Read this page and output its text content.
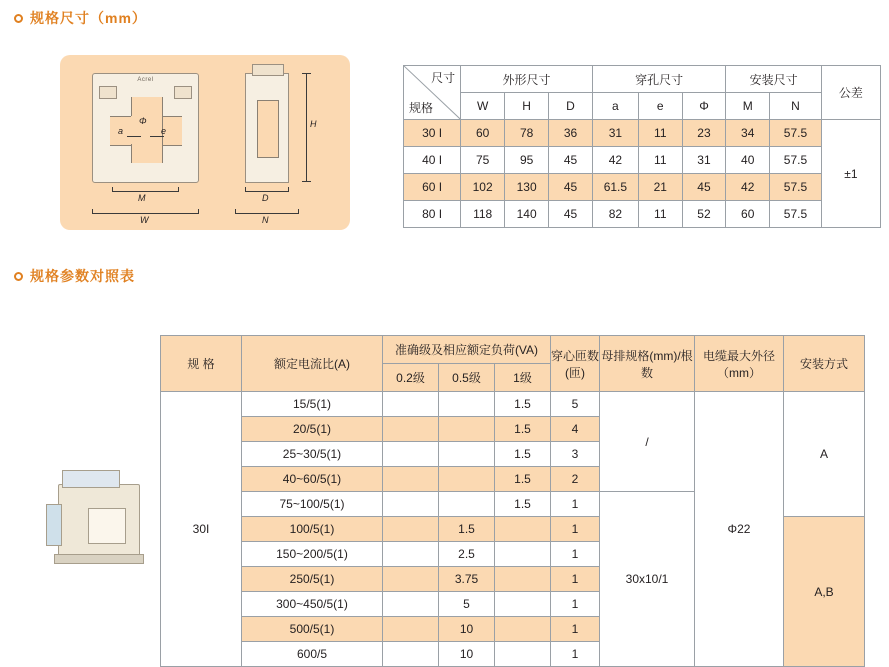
规格尺寸（mm）
Acrel
a
Φ
e
M
W
H
D
N
尺寸
规格	外形尺寸			穿孔尺寸			安装尺寸		公差
	W	H	D	a	e	Φ	M	N	
30 I	60	78	36	31	11	23	34	57.5	±1
40 I	75	95	45	42	11	31	40	57.5	
60 I	102	130	45	61.5	21	45	42	57.5	
80 I	118	140	45	82	11	52	60	57.5	
规格参数对照表
规 格	额定电流比(A)	准确级及相应额定负荷(VA)			穿心匝数(匝)	母排规格(mm)/根数	电缆最大外径（mm）	安装方式
		0.2级	0.5级	1级				
30I	15/5(1)			1.5	5	/	Φ22	A
	20/5(1)			1.5	4			
	25~30/5(1)			1.5	3			
	40~60/5(1)			1.5	2			
	75~100/5(1)			1.5	1	30x10/1		
	100/5(1)		1.5		1			A,B
	150~200/5(1)		2.5		1			
	250/5(1)		3.75		1			
	300~450/5(1)		5		1			
	500/5(1)		10		1			
	600/5		10		1			
